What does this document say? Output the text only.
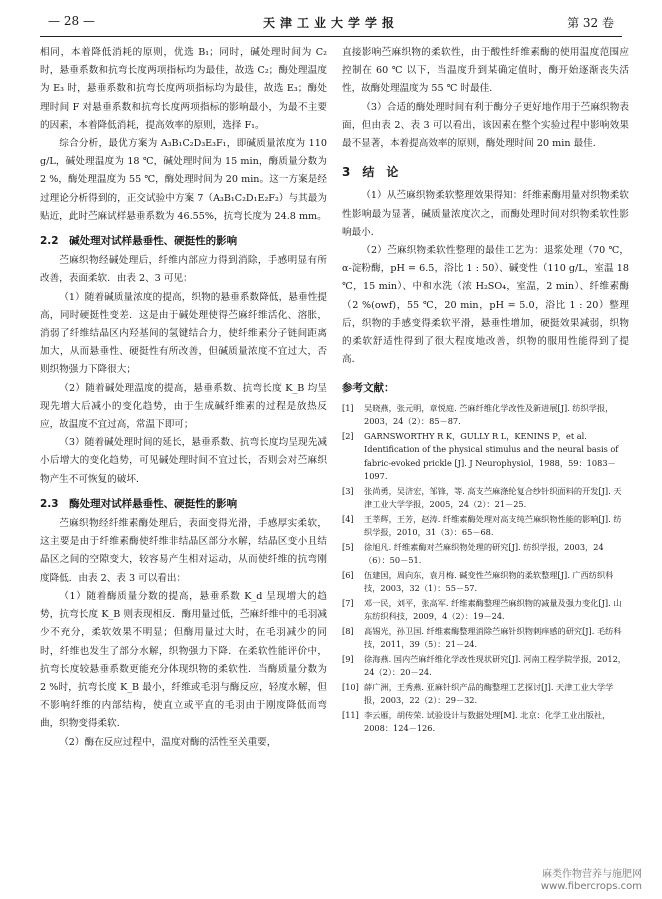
— 28 —	天津工业大学学报	第 32 卷

相同，本着降低消耗的原则，优选 B₁；同时，碱处理时间为 C₂ 时，悬垂系数和抗弯长度两项指标均为最佳，故选 C₂；酶处理温度为 E₃ 时，悬垂系数和抗弯长度两项指标均为最佳，故选 E₃；酶处理时间 F 对悬垂系数和抗弯长度两项指标的影响最小，为最不主要的因素，本着降低消耗，提高效率的原则，选择 F₁。

综合分析，最优方案为 A₃B₁C₂D₃E₃F₁，即碱质量浓度为 110 g/L，碱处理温度为 18 ℃，碱处理时间为 15 min，酶质量分数为 2 %，酶处理温度为 55 ℃，酶处理时间为 20 min。这一方案是经过理论分析得到的，正交试验中方案 7（A₃B₁C₂D₁E₂F₂）与其最为贴近，此时苎麻试样悬垂系数为 46.55%，抗弯长度为 24.8 mm。

2.2　碱处理对试样悬垂性、硬挺性的影响

苎麻织物经碱处理后，纤维内部应力得到消除，手感明显有所改善，表面柔软．由表 2、3 可见：

（1）随着碱质量浓度的提高，织物的悬垂系数降低，悬垂性提高，同时硬挺性变差．这是由于碱处理使得苎麻纤维活化、溶胀，消弱了纤维结晶区内羟基间的氢键结合力，使纤维素分子链间距离加大，从而悬垂性、硬挺性有所改善，但碱质量浓度不宜过大，否则织物强力下降很大；

（2）随着碱处理温度的提高，悬垂系数、抗弯长度 K_B 均呈现先增大后减小的变化趋势，由于生成碱纤维素的过程是放热反应，故温度不宜过高，常温下即可；

（3）随着碱处理时间的延长，悬垂系数、抗弯长度均呈现先减小后增大的变化趋势，可见碱处理时间不宜过长，否则会对苎麻织物产生不可恢复的破坏．

2.3　酶处理对试样悬垂性、硬挺性的影响

苎麻织物经纤维素酶处理后，表面变得光滑，手感厚实柔软，这主要是由于纤维素酶使纤维非结晶区部分水解，结晶区变小且结晶区之间的空隙变大，较容易产生相对运动，从而使纤维的抗弯刚度降低．由表 2、表 3 可以看出：

（1）随着酶质量分数的提高，悬垂系数 K_d 呈现增大的趋势，抗弯长度 K_B 则表现相反．酶用量过低，苎麻纤维中的毛羽减少不充分，柔软效果不明显；但酶用量过大时，在毛羽减少的同时，纤维也发生了部分水解，织物强力下降．在柔软性能评价中，抗弯长度较悬垂系数更能充分体现织物的柔软性．当酶质量分数为 2 %时，抗弯长度 K_B 最小，纤维或毛羽与酶反应，轻度水解，但不影响纤维的内部结构，使直立或平直的毛羽由于刚度降低而弯曲，织物变得柔软．

（2）酶在反应过程中，温度对酶的活性至关重要，

直接影响苎麻织物的柔软性，由于酸性纤维素酶的使用温度范围应控制在 60 ℃ 以下，当温度升到某确定值时，酶开始逐渐丧失活性，故酶处理温度为 55 ℃ 时最佳．

（3）合适的酶处理时间有利于酶分子更好地作用于苎麻织物表面，但由表 2、表 3 可以看出，该因素在整个实验过程中影响效果最不显著，本着提高效率的原则，酶处理时间 20 min 最佳．

3　结　论

（1）从苎麻织物柔软整理效果得知：纤维素酶用量对织物柔软性影响最为显著，碱质量浓度次之，而酶处理时间对织物柔软性影响最小．

（2）苎麻织物柔软性整理的最佳工艺为：退浆处理（70 ℃，α-淀粉酶，pH = 6.5，浴比 1 : 50）、碱变性（110 g/L，室温 18 ℃，15 min）、中和水洗（浓 H₂SO₄，室温，2 min）、纤维素酶（2 %(owf)，55 ℃，20 min，pH = 5.0，浴比 1 : 20）整理后，织物的手感变得柔软平滑，悬垂性增加，硬挺效果减弱，织物的柔软舒适性得到了很大程度地改善，织物的服用性能得到了提高．

参考文献：
[1]	吴晓燕，张元明，章悦庭. 苎麻纤维化学改性及新进展[J]. 纺织学报，2003，24（2）：85－87.
[2]	GARNSWORTHY R K，GULLY R L，KENINS P，et al. Identification of the physical stimulus and the neural basis of fabric-evoked prickle [J]. J Neurophysiol，1988，59：1083－1097.
[3]	张尚勇，吴济宏，邹锋，等. 高支苎麻涤纶复合纱针织面料的开发[J]. 天津工业大学学报，2005，24（2）：21－25.
[4]	王莘辉，王芳，赵涛. 纤维素酶处理对高支纯苎麻织物性能的影响[J]. 纺织学报，2010，31（3）：65－68.
[5]	徐旭凡. 纤维素酶对苎麻织物处理的研究[J]. 纺织学报，2003，24（6）：50－51.
[6]	伍建国，周向东，袁月梅. 碱变性苎麻织物的柔软整理[J]. 广西纺织科技，2003，32（1）：55－57.
[7]	邓一民，刘平，张高军. 纤维素酶整理苎麻织物的减量及强力变化[J]. 山东纺织科技，2009，4（2）：19－24.
[8]	高锡光，孙卫国. 纤维素酶整理消除苎麻针织物刺痒感的研究[J]. 毛纺科技，2011，39（5）：21－24.
[9]	徐海燕. 国内苎麻纤维化学改性现状研究[J]. 河南工程学院学报，2012，24（2）：20－24.
[10] 薛广洲，王秀燕. 亚麻针织产品的酶整理工艺探讨[J]. 天津工业大学学报，2003，22（2）：29－32.
[11] 李云雁，胡传荣. 试验设计与数据处理[M]. 北京：化学工业出版社，2008：124－126.
麻类作物营养与施肥网
www.fibercrops.com
